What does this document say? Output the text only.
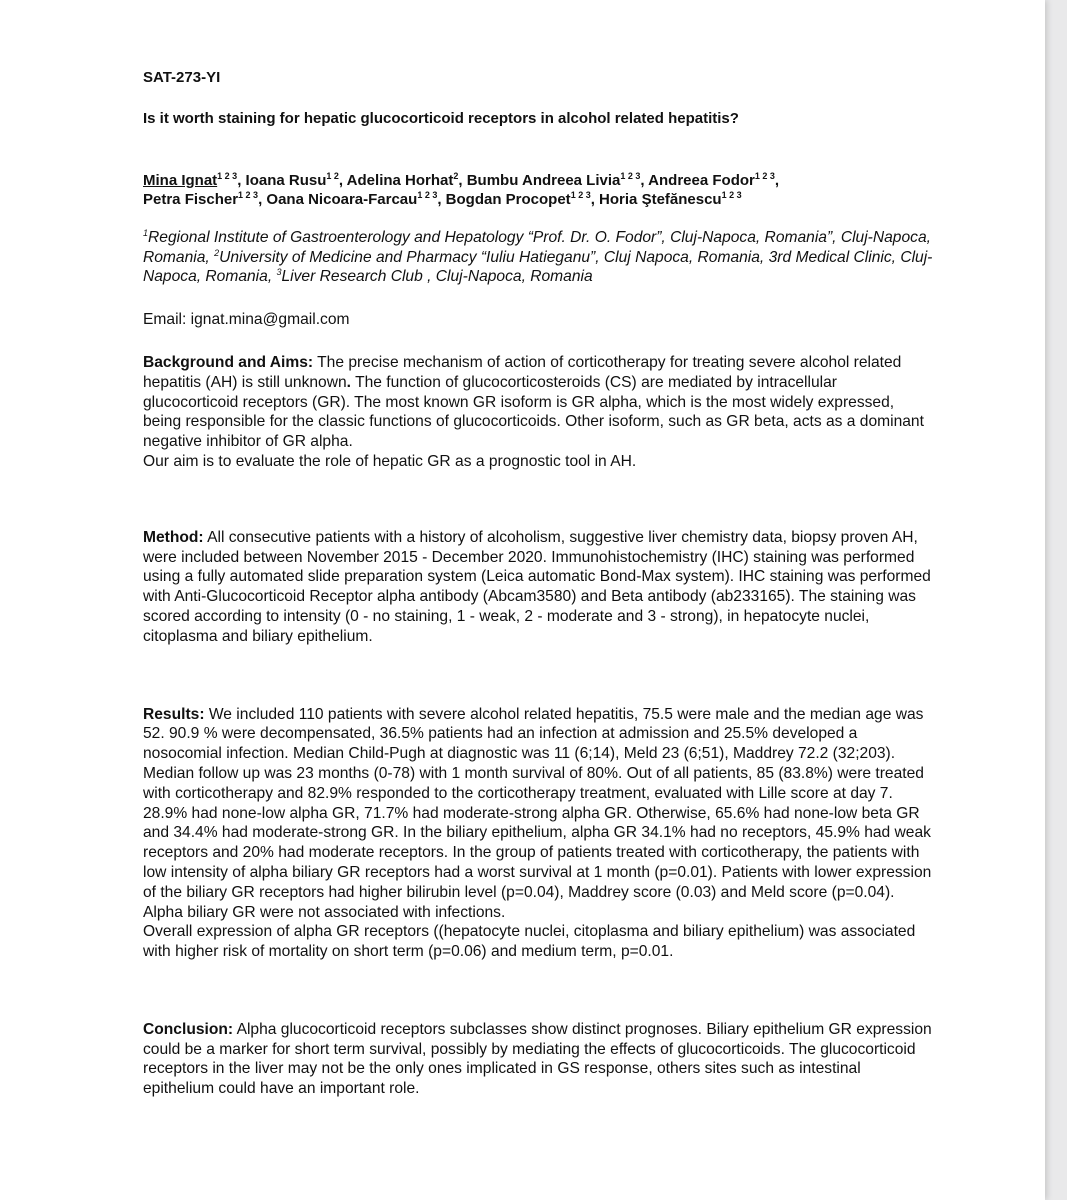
SAT-273-YI

Is it worth staining for hepatic glucocorticoid receptors in alcohol related hepatitis?

Mina Ignat$^{1 2 3}$, Ioana Rusu$^{1 2}$, Adelina Horhat$^2$, Bumbu Andreea Livia$^{1 2 3}$, Andreea Fodor$^{1 2 3}$,
Petra Fischer$^{1 2 3}$, Oana Nicoara-Farcau$^{1 2 3}$, Bogdan Procopet$^{1 2 3}$, Horia Ştefănescu$^{1 2 3}$

$^1$Regional Institute of Gastroenterology and Hepatology “Prof. Dr. O. Fodor”, Cluj-Napoca, Romania”, Cluj-Napoca, Romania, $^2$University of Medicine and Pharmacy “Iuliu Hatieganu”, Cluj Napoca, Romania, 3rd Medical Clinic, Cluj-Napoca, Romania, $^3$Liver Research Club , Cluj-Napoca, Romania

Email: ignat.mina@gmail.com

Background and Aims: The precise mechanism of action of corticotherapy for treating severe alcohol related hepatitis (AH) is still unknown. The function of glucocorticosteroids (CS) are mediated by intracellular glucocorticoid receptors (GR). The most known GR isoform is GR alpha, which is the most widely expressed, being responsible for the classic functions of glucocorticoids. Other isoform, such as GR beta, acts as a dominant negative inhibitor of GR alpha.
Our aim is to evaluate the role of hepatic GR as a prognostic tool in AH.

Method: All consecutive patients with a history of alcoholism, suggestive liver chemistry data, biopsy proven AH, were included between November 2015 - December 2020. Immunohistochemistry (IHC) staining was performed using a fully automated slide preparation system (Leica automatic Bond-Max system). IHC staining was performed with Anti-Glucocorticoid Receptor alpha antibody (Abcam3580) and Beta antibody (ab233165). The staining was scored according to intensity (0 - no staining, 1 - weak, 2 - moderate and 3 - strong), in hepatocyte nuclei, citoplasma and biliary epithelium.

Results: We included 110 patients with severe alcohol related hepatitis, 75.5 were male and the median age was 52. 90.9 % were decompensated, 36.5% patients had an infection at admission and 25.5% developed a nosocomial infection. Median Child-Pugh at diagnostic was 11 (6;14), Meld 23 (6;51), Maddrey 72.2 (32;203). Median follow up was 23 months (0-78) with 1 month survival of 80%. Out of all patients, 85 (83.8%) were treated with corticotherapy and 82.9% responded to the corticotherapy treatment, evaluated with Lille score at day 7. 28.9% had none-low alpha GR, 71.7% had moderate-strong alpha GR. Otherwise, 65.6% had none-low beta GR and 34.4% had moderate-strong GR. In the biliary epithelium, alpha GR 34.1% had no receptors, 45.9% had weak receptors and 20% had moderate receptors. In the group of patients treated with corticotherapy, the patients with low intensity of alpha biliary GR receptors had a worst survival at 1 month (p=0.01). Patients with lower expression of the biliary GR receptors had higher bilirubin level (p=0.04), Maddrey score (0.03) and Meld score (p=0.04). Alpha biliary GR were not associated with infections.
Overall expression of alpha GR receptors ((hepatocyte nuclei, citoplasma and biliary epithelium) was associated with higher risk of mortality on short term (p=0.06) and medium term, p=0.01.

Conclusion: Alpha glucocorticoid receptors subclasses show distinct prognoses. Biliary epithelium GR expression could be a marker for short term survival, possibly by mediating the effects of glucocorticoids. The glucocorticoid receptors in the liver may not be the only ones implicated in GS response, others sites such as intestinal epithelium could have an important role.
